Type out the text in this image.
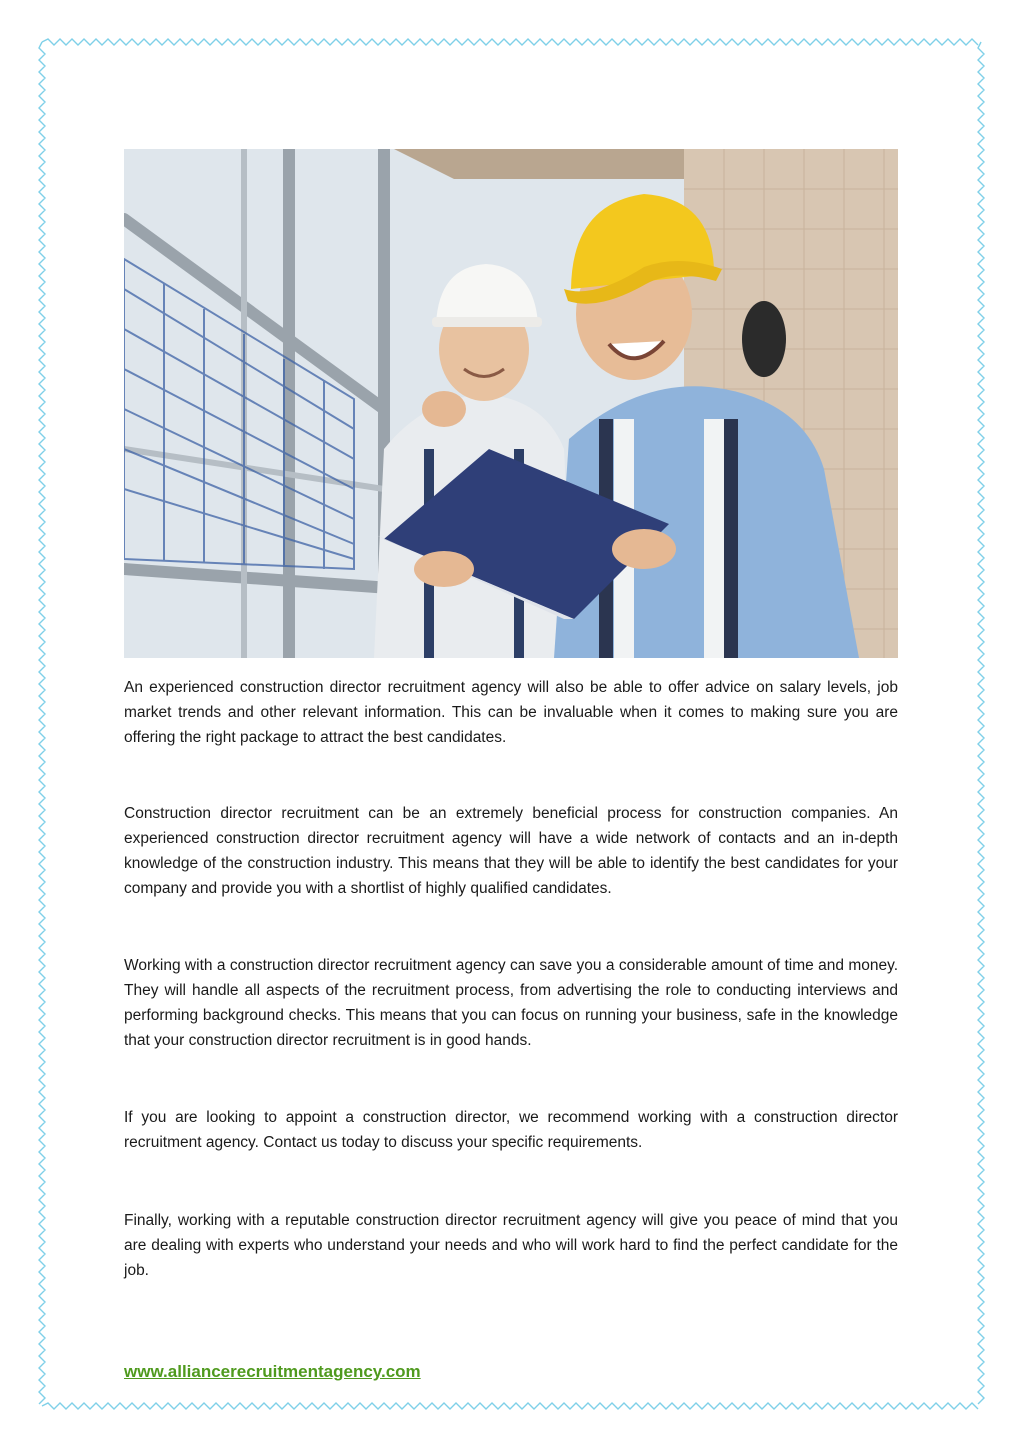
An experienced construction director recruitment agency will also be able to offer advice on salary levels, job market trends and other relevant information. This can be invaluable when it comes to making sure you are offering the right package to attract the best candidates.

Construction director recruitment can be an extremely beneficial process for construction companies. An experienced construction director recruitment agency will have a wide network of contacts and an in-depth knowledge of the construction industry. This means that they will be able to identify the best candidates for your company and provide you with a shortlist of highly qualified candidates.

Working with a construction director recruitment agency can save you a considerable amount of time and money. They will handle all aspects of the recruitment process, from advertising the role to conducting interviews and performing background checks. This means that you can focus on running your business, safe in the knowledge that your construction director recruitment is in good hands.

If you are looking to appoint a construction director, we recommend working with a construction director recruitment agency. Contact us today to discuss your specific requirements.

Finally, working with a reputable construction director recruitment agency will give you peace of mind that you are dealing with experts who understand your needs and who will work hard to find the perfect candidate for the job.

www.alliancerecruitmentagency.com
